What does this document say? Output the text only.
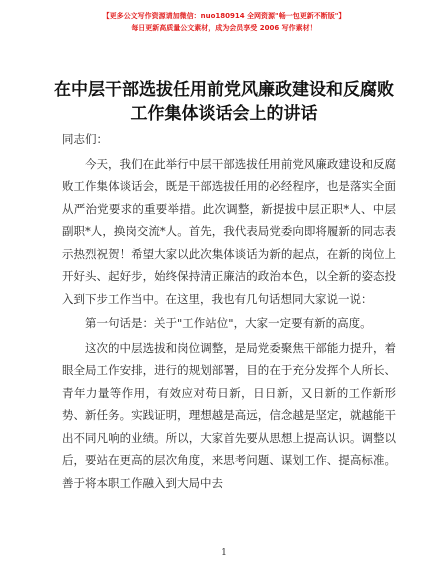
【更多公文写作资源请加微信：nuo180914 全网资源"畅一包更新不断版"】
每日更新高质量公文素材，成为会员享受 2006 写作素材！
在中层干部选拔任用前党风廉政建设和反腐败
工作集体谈话会上的讲话

同志们：

今天，我们在此举行中层干部选拔任用前党风廉政建设和反腐败工作集体谈话会，既是干部选拔任用的必经程序，也是落实全面从严治党要求的重要举措。此次调整，新提拔中层正职*人、中层副职*人，换岗交流*人。首先，我代表局党委向即将履新的同志表示热烈祝贺！希望大家以此次集体谈话为新的起点，在新的岗位上开好头、起好步，始终保持清正廉洁的政治本色，以全新的姿态投入到下步工作当中。在这里，我也有几句话想同大家说一说：

第一句话是：关于"工作站位"，大家一定要有新的高度。

这次的中层选拔和岗位调整，是局党委聚焦干部能力提升，着眼全局工作安排，进行的规划部署，目的在于充分发挥个人所长、青年力量等作用，有效应对苟日新，日日新，又日新的工作新形势、新任务。实践证明，理想越是高远，信念越是坚定，就越能干出不同凡响的业绩。所以，大家首先要从思想上提高认识。调整以后，要站在更高的层次角度，来思考问题、谋划工作、提高标准。善于将本职工作融入到大局中去

1
